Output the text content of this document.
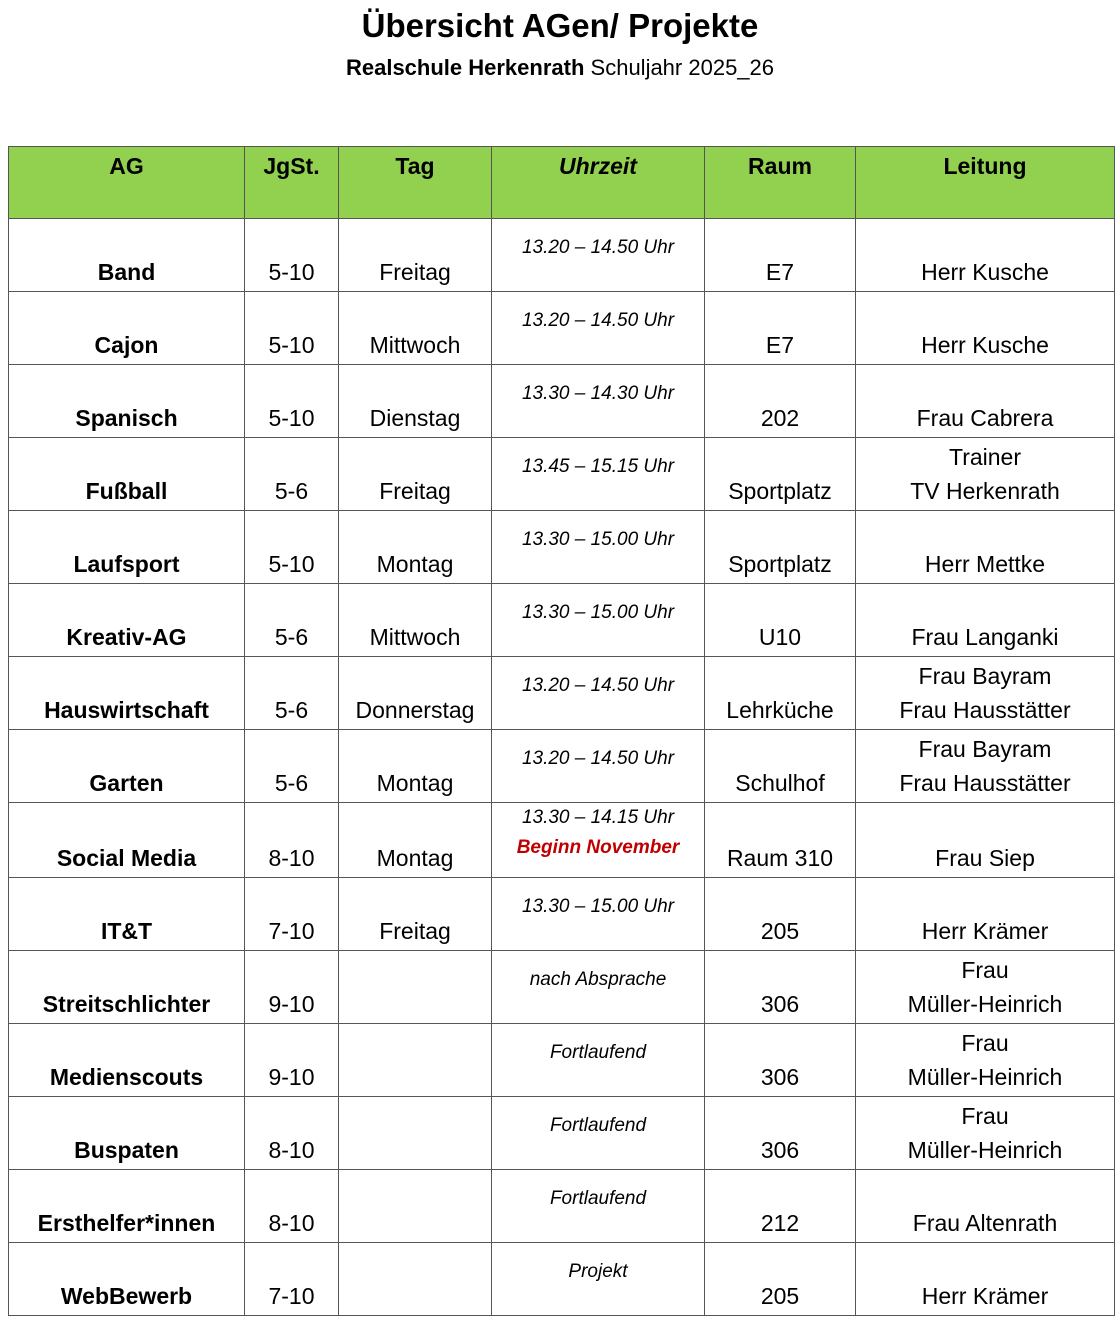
Übersicht AGen/ Projekte
Realschule Herkenrath Schuljahr 2025_26
AG	JgSt.	Tag	Uhrzeit	Raum	Leitung

Band	5-10	Freitag	13.20 – 14.50 Uhr	E7	Herr Kusche

Cajon	5-10	Mittwoch	13.20 – 14.50 Uhr	E7	Herr Kusche

Spanisch	5-10	Dienstag	13.30 – 14.30 Uhr	202	Frau Cabrera

Fußball	5-6	Freitag	13.45 – 15.15 Uhr	Sportplatz	Trainer
TV Herkenrath

Laufsport	5-10	Montag	13.30 – 15.00 Uhr	Sportplatz	Herr Mettke

Kreativ-AG	5-6	Mittwoch	13.30 – 15.00 Uhr	U10	Frau Langanki

Hauswirtschaft	5-6	Donnerstag	13.20 – 14.50 Uhr	Lehrküche	Frau Bayram
Frau Hausstätter

Garten	5-6	Montag	13.20 – 14.50 Uhr	Schulhof	Frau Bayram
Frau Hausstätter

Social Media	8-10	Montag	13.30 – 14.15 Uhr
Beginn November	Raum 310	Frau Siep

IT&T	7-10	Freitag	13.30 – 15.00 Uhr	205	Herr Krämer

Streitschlichter	9-10		nach Absprache	306	Frau
Müller-Heinrich

Medienscouts	9-10		Fortlaufend	306	Frau
Müller-Heinrich

Buspaten	8-10		Fortlaufend	306	Frau
Müller-Heinrich

Ersthelfer*innen	8-10		Fortlaufend	212	Frau Altenrath

WebBewerb	7-10		Projekt	205	Herr Krämer
